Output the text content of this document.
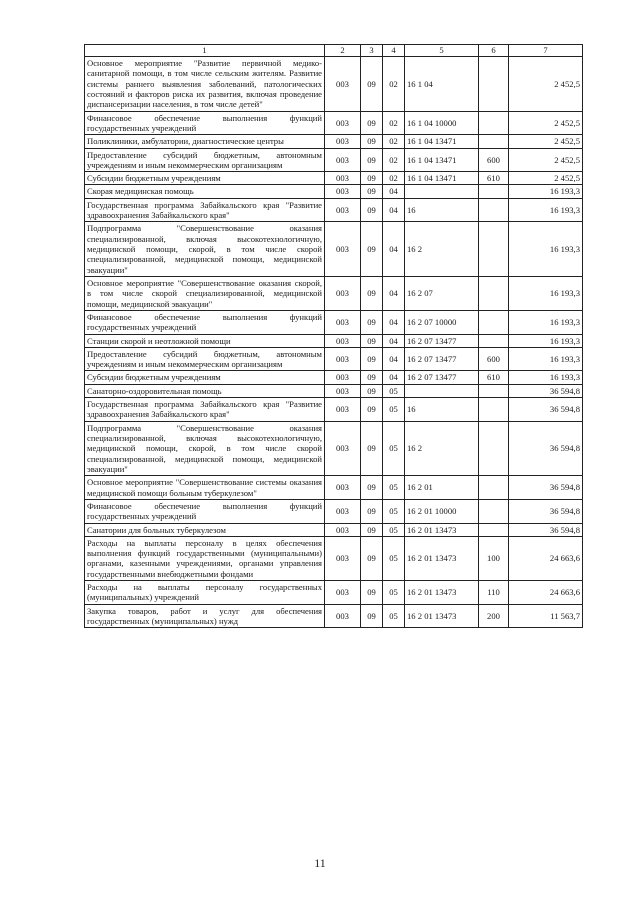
1	2	3	4	5	6	7
Основное мероприятие "Развитие первичной медико-санитарной помощи, в том числе сельским жителям. Развитие системы раннего выявления заболеваний, патологических состояний и факторов риска их развития, включая проведение диспансеризации населения, в том числе детей"	003	09	02	16 1 04		2 452,5
Финансовое обеспечение выполнения функций государственных учреждений	003	09	02	16 1 04 10000		2 452,5
Поликлиники, амбулатории, диагностические центры	003	09	02	16 1 04 13471		2 452,5
Предоставление субсидий бюджетным, автономным учреждениям и иным некоммерческим организациям	003	09	02	16 1 04 13471	600	2 452,5
Субсидии бюджетным учреждениям	003	09	02	16 1 04 13471	610	2 452,5
Скорая медицинская помощь	003	09	04			16 193,3
Государственная программа Забайкальского края "Развитие здравоохранения Забайкальского края"	003	09	04	16		16 193,3
Подпрограмма "Совершенствование оказания специализированной, включая высокотехнологичную, медицинской помощи, скорой, в том числе скорой специализированной, медицинской помощи, медицинской эвакуации"	003	09	04	16 2		16 193,3
Основное мероприятие "Совершенствование оказания скорой, в том числе скорой специализированной, медицинской помощи, медицинской эвакуации"	003	09	04	16 2 07		16 193,3
Финансовое обеспечение выполнения функций государственных учреждений	003	09	04	16 2 07 10000		16 193,3
Станции скорой и неотложной помощи	003	09	04	16 2 07 13477		16 193,3
Предоставление субсидий бюджетным, автономным учреждениям и иным некоммерческим организациям	003	09	04	16 2 07 13477	600	16 193,3
Субсидии бюджетным учреждениям	003	09	04	16 2 07 13477	610	16 193,3
Санаторно-оздоровительная помощь	003	09	05			36 594,8
Государственная программа Забайкальского края "Развитие здравоохранения Забайкальского края"	003	09	05	16		36 594,8
Подпрограмма "Совершенствование оказания специализированной, включая высокотехнологичную, медицинской помощи, скорой, в том числе скорой специализированной, медицинской помощи, медицинской эвакуации"	003	09	05	16 2		36 594,8
Основное мероприятие "Совершенствование системы оказания медицинской помощи больным туберкулезом"	003	09	05	16 2 01		36 594,8
Финансовое обеспечение выполнения функций государственных учреждений	003	09	05	16 2 01 10000		36 594,8
Санатории для больных туберкулезом	003	09	05	16 2 01 13473		36 594,8
Расходы на выплаты персоналу в целях обеспечения выполнения функций государственными (муниципальными) органами, казенными учреждениями, органами управления государственными внебюджетными фондами	003	09	05	16 2 01 13473	100	24 663,6
Расходы на выплаты персоналу государственных (муниципальных) учреждений	003	09	05	16 2 01 13473	110	24 663,6
Закупка товаров, работ и услуг для обеспечения государственных (муниципальных) нужд	003	09	05	16 2 01 13473	200	11 563,7
11
